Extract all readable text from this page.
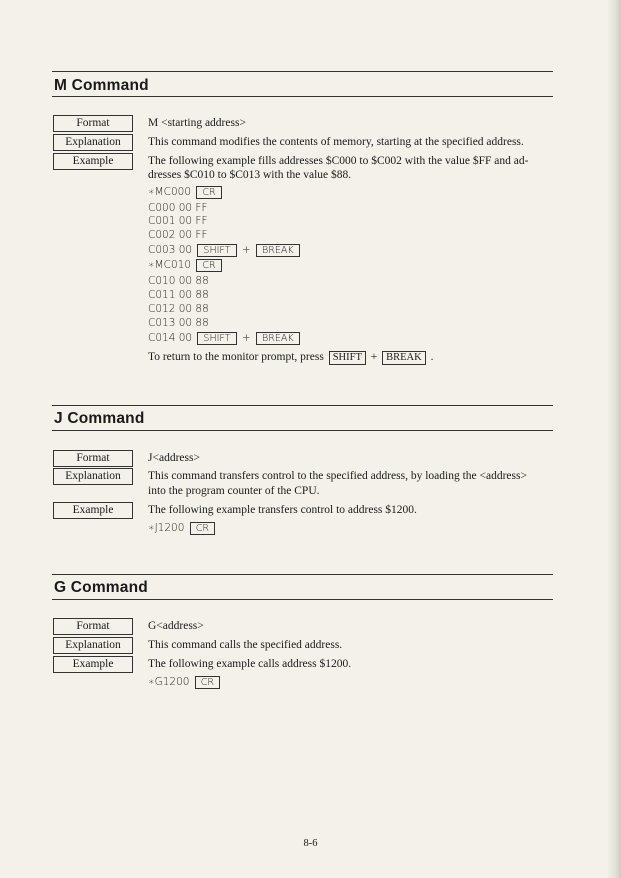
M Command
Format
Explanation
Example
M <starting address>
This command modifies the contents of memory, starting at the specified address.
The following example fills addresses $C000 to $C002 with the value $FF and ad-
dresses $C010 to $C013 with the value $88.
∗MC000 CR
C000 00 FF
C001 00 FF
C002 00 FF
C003 00 SHIFT + BREAK
∗MC010 CR
C010 00 88
C011 00 88
C012 00 88
C013 00 88
C014 00 SHIFT + BREAK
To return to the monitor prompt, press SHIFT + BREAK .
J Command
Format
Explanation
Example
J<address>
This command transfers control to the specified address, by loading the <address>
into the program counter of the CPU.
The following example transfers control to address $1200.
∗J1200 CR
G Command
Format
Explanation
Example
G<address>
This command calls the specified address.
The following example calls address $1200.
∗G1200 CR
8-6
